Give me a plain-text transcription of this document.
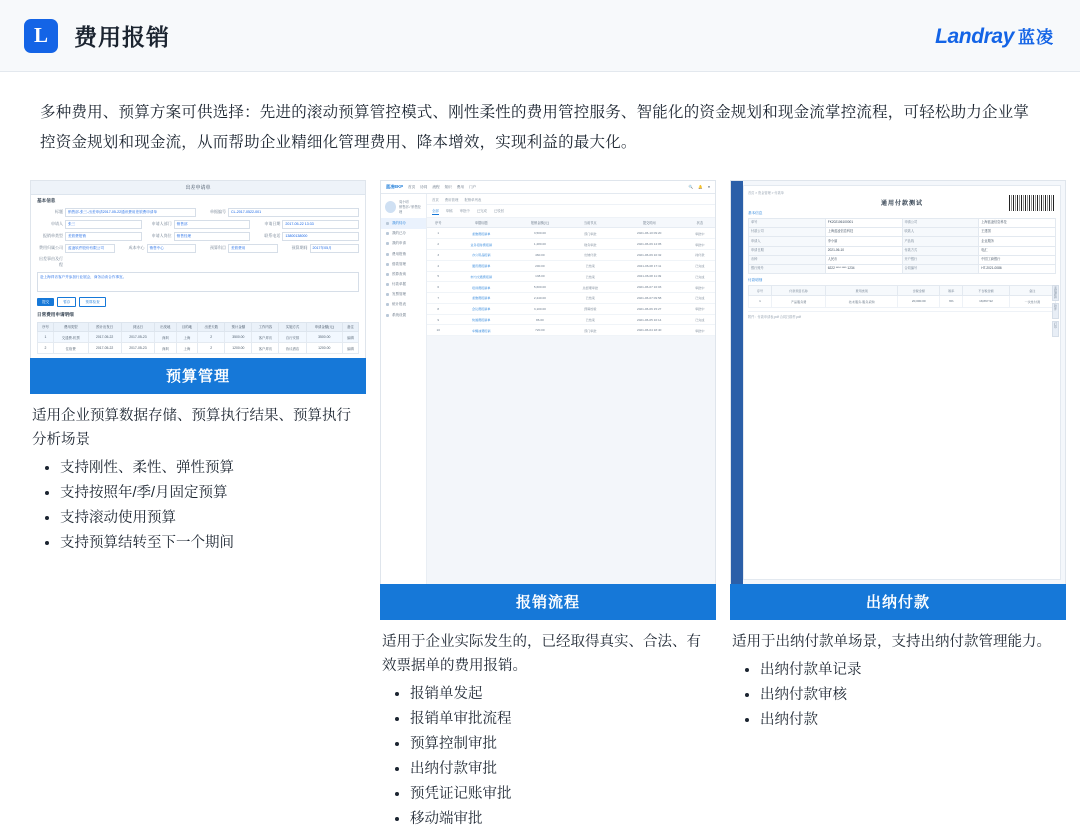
L	费用报销	Landray 蓝凌
多种费用、预算方案可供选择：先进的滚动预算管控模式、刚性柔性的费用管控服务、智能化的资金规划和现金流掌控流程，可轻松助力企业掌控资金规划和现金流，从而帮助企业精细化管理费用、降本增效，实现利益的最大化。
出差申请单
基本信息
标题	销售部-张三-出差申请2017-05-22通讯费用差旅费申请单	单据编号	CL-2017-0522-001
申请人	张三	申请人部门	销售部	申请日期	2017-05-22 13:33
报销单类型	差旅费报销	申请人岗位	销售经理	联系电话	13800138000
费用归属公司	蓝凌软件股份有限公司	成本中心	销售中心	预算科目	差旅费用	预算期间	2017年05月
出差事由及行程
赴上海拜访客户并参加行业展会，商务洽谈合作事宜。
提交	暂存	预算检查
日常费用申请明细
序号	费用类型	预计出发日	到达日	出发地	目的地	出差天数	预计金额	工作内容	实施方式	申请金额(元)	备注
1	交通费-机票	2017-05-22	2017-05-23	深圳	上海	2	3500.00	客户拜访	自行安排	3500.00	编辑
2	住宿费	2017-05-22	2017-05-23	深圳	上海	2	1200.00	客户拜访	协议酒店	1200.00	编辑
预算管理
适用企业预算数据存储、预算执行结果、预算执行分析场景
• 支持刚性、柔性、弹性预算
• 支持按照年/季/月固定预算
• 支持滚动使用预算
• 支持预算结转至下一个期间
蓝凌EKP 首页 协同 流程 知识 费用 门户	🔍 🔔 ●
周小明
销售部 / 销售经理
我的待办
我的已办
我的申请
费用报销
借款管理
预算查询
付款单据
发票管理
统计报表
系统设置
首页 费用管理 报销单列表
全部 草稿 审批中 已完成 已驳回
序号	单据标题	报销金额(元)	当前节点	提交时间	状态
1	差旅费报销单	3,500.00	部门审批	2021-06-10 09:20	审批中
2	业务招待费报销	1,280.00	财务审批	2021-06-09 14:05	审批中
3	办公用品报销	460.00	出纳付款	2021-06-09 10:32	待付款
4	通讯费报销单	200.00	已结束	2021-06-08 17:11	已完成
5	市内交通费报销	138.00	已结束	2021-06-08 11:49	已完成
6	培训费报销单	5,600.00	总经理审批	2021-06-07 16:03	审批中
7	差旅费报销单	2,240.00	已结束	2021-06-07 09:58	已完成
8	会议费报销单	3,100.00	预算校验	2021-06-06 15:27	审批中
9	快递费报销单	86.00	已结束	2021-06-05 10:14	已完成
10	车辆油费报销	720.00	部门审批	2021-06-04 18:40	审批中
报销流程
适用于企业实际发生的，已经取得真实、合法、有效票据单的费用报销。
• 报销单发起
• 报销单审批流程
• 预算控制审批
• 出纳付款审批
• 预凭证记账审批
• 移动端审批
首页 > 资金管理 > 付款单
通用付款测试
基本信息
单号	FK202106100001	申请公司	上海蓝凌信息科技
付款公司	上海蓝凌信息科技	收款人	王建国
申请人	李小丽	产品线	企业服务
申请日期	2021-06-10	付款方式	电汇
币种	人民币	开户银行	中国工商银行
银行账号	6222 **** **** 1234	合同编号	HT-2021-0086
付款明细
序号	付款项目名称	费用类别	含税金额	税率	不含税金额	备注
1	产品服务费	技术服务-服务采购	20,000.00	6%	18,867.92	一次性付清
附件：付款申请表.pdf 合同扫描件.pdf
流程跟踪
附件
打印
出纳付款
适用于出纳付款单场景，支持出纳付款管理能力。
• 出纳付款单记录
• 出纳付款审核
• 出纳付款
